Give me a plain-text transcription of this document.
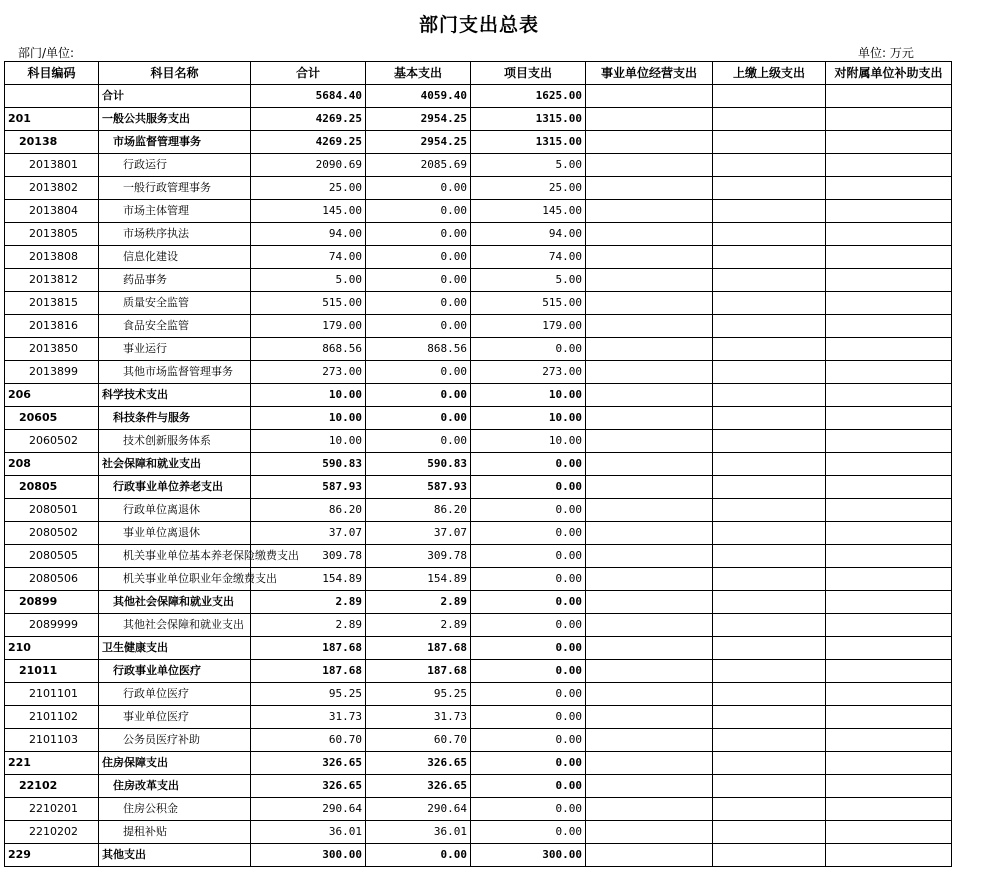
部门支出总表
部门/单位:	单位: 万元
科目编码	科目名称	合计	基本支出	项目支出	事业单位经营支出	上缴上级支出	对附属单位补助支出
	合计	5684.40	4059.40	1625.00			
201	一般公共服务支出	4269.25	2954.25	1315.00			
20138	市场监督管理事务	4269.25	2954.25	1315.00			
2013801	行政运行	2090.69	2085.69	5.00			
2013802	一般行政管理事务	25.00	0.00	25.00			
2013804	市场主体管理	145.00	0.00	145.00			
2013805	市场秩序执法	94.00	0.00	94.00			
2013808	信息化建设	74.00	0.00	74.00			
2013812	药品事务	5.00	0.00	5.00			
2013815	质量安全监管	515.00	0.00	515.00			
2013816	食品安全监管	179.00	0.00	179.00			
2013850	事业运行	868.56	868.56	0.00			
2013899	其他市场监督管理事务	273.00	0.00	273.00			
206	科学技术支出	10.00	0.00	10.00			
20605	科技条件与服务	10.00	0.00	10.00			
2060502	技术创新服务体系	10.00	0.00	10.00			
208	社会保障和就业支出	590.83	590.83	0.00			
20805	行政事业单位养老支出	587.93	587.93	0.00			
2080501	行政单位离退休	86.20	86.20	0.00			
2080502	事业单位离退休	37.07	37.07	0.00			
2080505	机关事业单位基本养老保险缴费支出	309.78	309.78	0.00			
2080506	机关事业单位职业年金缴费支出	154.89	154.89	0.00			
20899	其他社会保障和就业支出	2.89	2.89	0.00			
2089999	其他社会保障和就业支出	2.89	2.89	0.00			
210	卫生健康支出	187.68	187.68	0.00			
21011	行政事业单位医疗	187.68	187.68	0.00			
2101101	行政单位医疗	95.25	95.25	0.00			
2101102	事业单位医疗	31.73	31.73	0.00			
2101103	公务员医疗补助	60.70	60.70	0.00			
221	住房保障支出	326.65	326.65	0.00			
22102	住房改革支出	326.65	326.65	0.00			
2210201	住房公积金	290.64	290.64	0.00			
2210202	提租补贴	36.01	36.01	0.00			
229	其他支出	300.00	0.00	300.00			
